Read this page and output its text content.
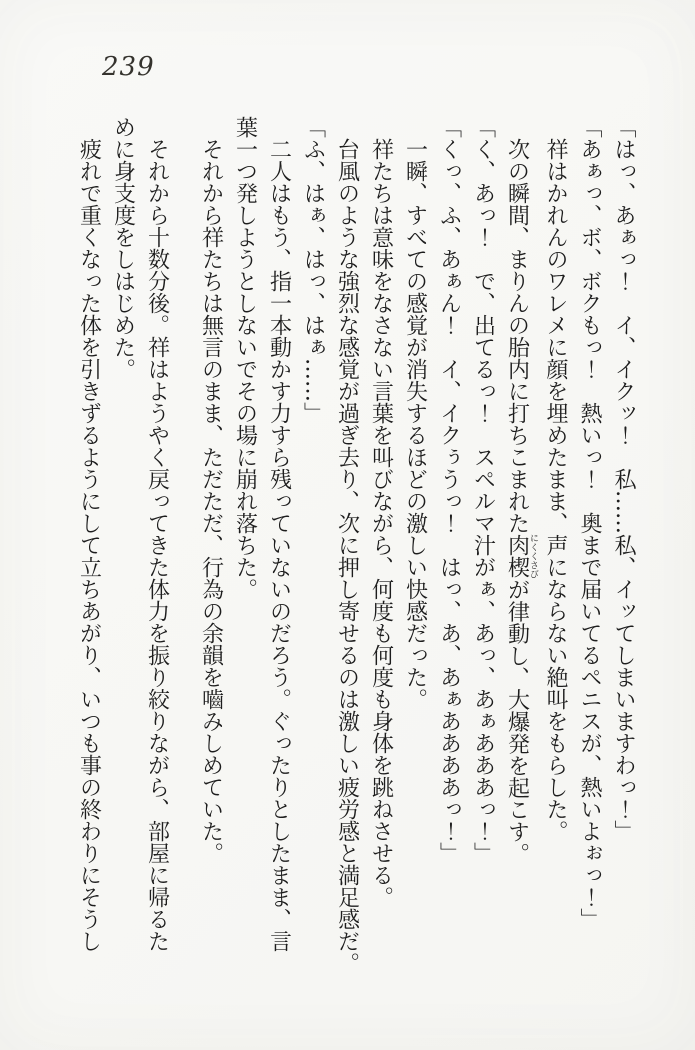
239
「はっ、あぁっ！　イ、イクッ！　私……私、イッてしまいますわっ！」
「あぁっ、ボ、ボクもっ！　熱いっ！　奥まで届いてるペニスが、熱いよぉっ！」
祥はかれんのワレメに顔を埋めたまま、声にならない絶叫をもらした。
次の瞬間、まりんの胎内に打ちこまれた肉楔にくくさびが律動し、大爆発を起こす。
「く、あっ！　で、出てるっ！　スペルマ汁がぁ、あっ、あぁあああっ！」
「くっ、ふ、あぁん！　イ、イクぅうっ！　はっ、あ、あぁああああっ！」
一瞬、すべての感覚が消失するほどの激しい快感だった。
祥たちは意味をなさない言葉を叫びながら、何度も何度も身体を跳ねさせる。
台風のような強烈な感覚が過ぎ去り、次に押し寄せるのは激しい疲労感と満足感だ。
「ふ、はぁ、はっ、はぁ……」
二人はもう、指一本動かす力すら残っていないのだろう。ぐったりとしたまま、言
葉一つ発しようとしないでその場に崩れ落ちた。
それから祥たちは無言のまま、ただただ、行為の余韻を嚙みしめていた。
それから十数分後。祥はようやく戻ってきた体力を振り絞りながら、部屋に帰るた
めに身支度をしはじめた。
疲れで重くなった体を引きずるようにして立ちあがり、いつも事の終わりにそうし
